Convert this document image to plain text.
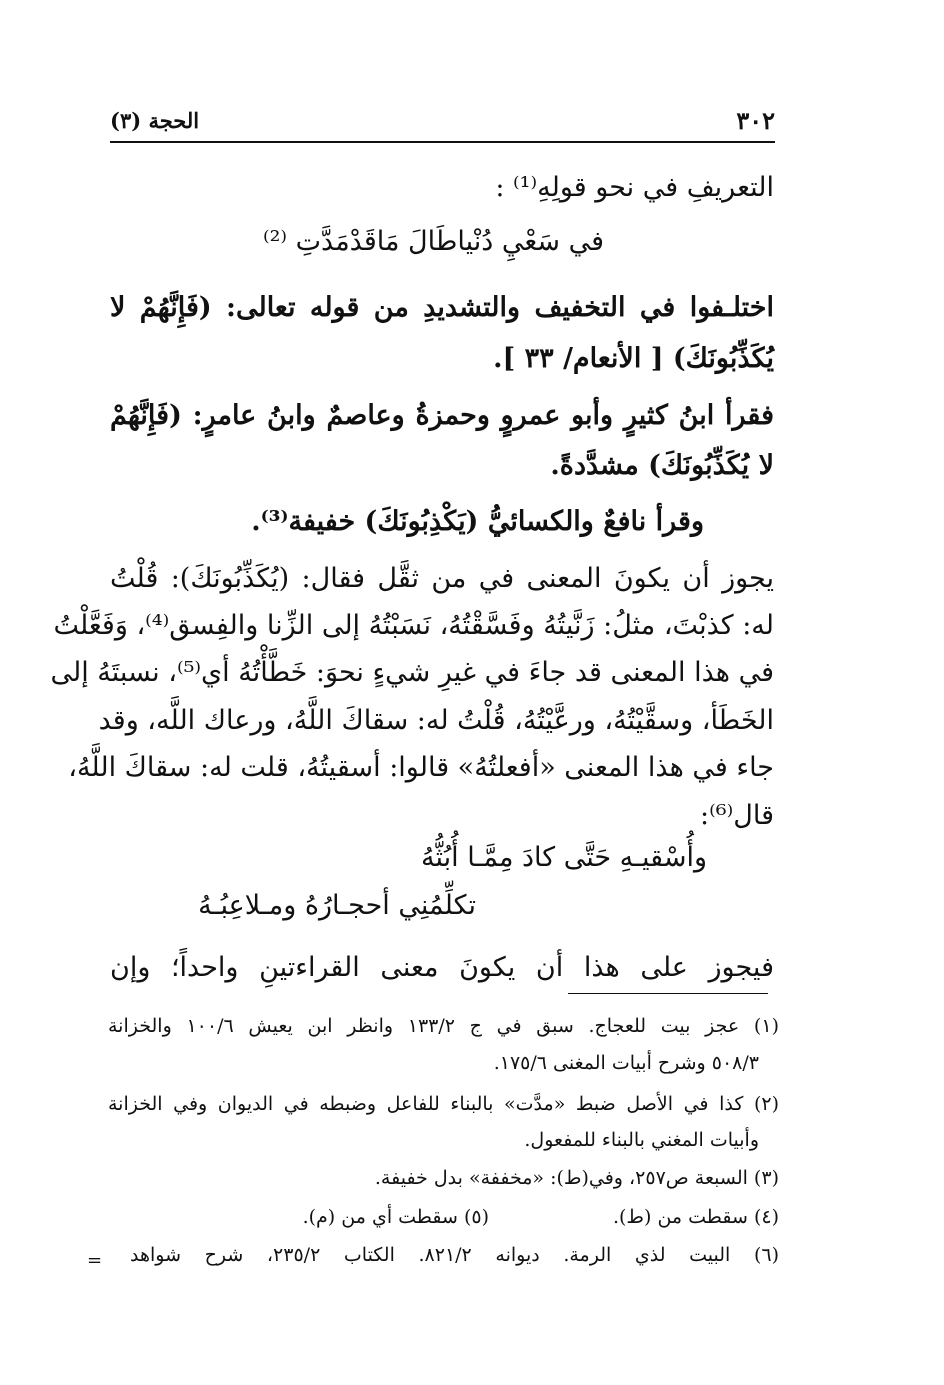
٣٠٢
الحجة (٣)
التعريفِ في نحو قولِهِ⁽¹⁾ :
في سَعْيِ دُنْياطَالَ مَاقَدْمَدَّتِ ⁽²⁾
اختلـفوا في التخفيف والتشديدِ من قوله تعالى: (فَإِنَّهُمْ لا
يُكَذِّبُونَكَ) [ الأنعام/ ٣٣ ].
فقرأ ابنُ كثيرٍ وأبو عمروٍ وحمزةُ وعاصمٌ وابنُ عامرٍ: (فَإِنَّهُمْ
لا يُكَذِّبُونَكَ) مشدَّدةً.
وقرأ نافعٌ والكسائيُّ (يَكْذِبُونَكَ) خفيفة⁽³⁾.
يجوز أن يكونَ المعنى في من ثقَّل فقال: (يُكَذِّبُونَكَ): قُلْتُ
له: كذبْتَ، مثلُ: زَنَّيتُهُ وفَسَّقْتُهُ، نَسَبْتُهُ إلى الزِّنا والفِسق⁽⁴⁾، وَفَعَّلْتُ
في هذا المعنى قد جاءَ في غيرِ شيءٍ نحوَ: خَطَّأْتُهُ أي⁽⁵⁾، نسبتَهُ إلى
الخَطَأ، وسقَّيْتُهُ، ورعَّيْتُهُ، قُلْتُ له: سقاكَ اللَّهُ، ورعاك اللَّه، وقد
جاء في هذا المعنى «أفعلتُهُ» قالوا: أسقيتُهُ، قلت له: سقاكَ اللَّهُ،
قال⁽⁶⁾:
وأُسْقيـهِ حَتَّى كادَ مِمَّـا أُبُثُّهُ
تكلِّمُنِي أحجـارُهُ ومـلاعِبُـهُ
فيجوز على هذا أن يكونَ معنى القراءتينِ واحداً؛ وإن
(١) عجز بيت للعجاج. سبق في ج ١٣٣/٢ وانظر ابن يعيش ١٠٠/٦ والخزانة
٥٠٨/٣ وشرح أبيات المغنى ١٧٥/٦.
(٢) كذا في الأصل ضبط «مدَّت» بالبناء للفاعل وضبطه في الديوان وفي الخزانة
وأبيات المغني بالبناء للمفعول.
(٣) السبعة ص٢٥٧، وفي(ط): «مخففة» بدل خفيفة.
(٤) سقطت من (ط).
(٥) سقطت أي من (م).
(٦) البيت لذي الرمة. ديوانه ٨٢١/٢. الكتاب ٢٣٥/٢، شرح شواهد
=
